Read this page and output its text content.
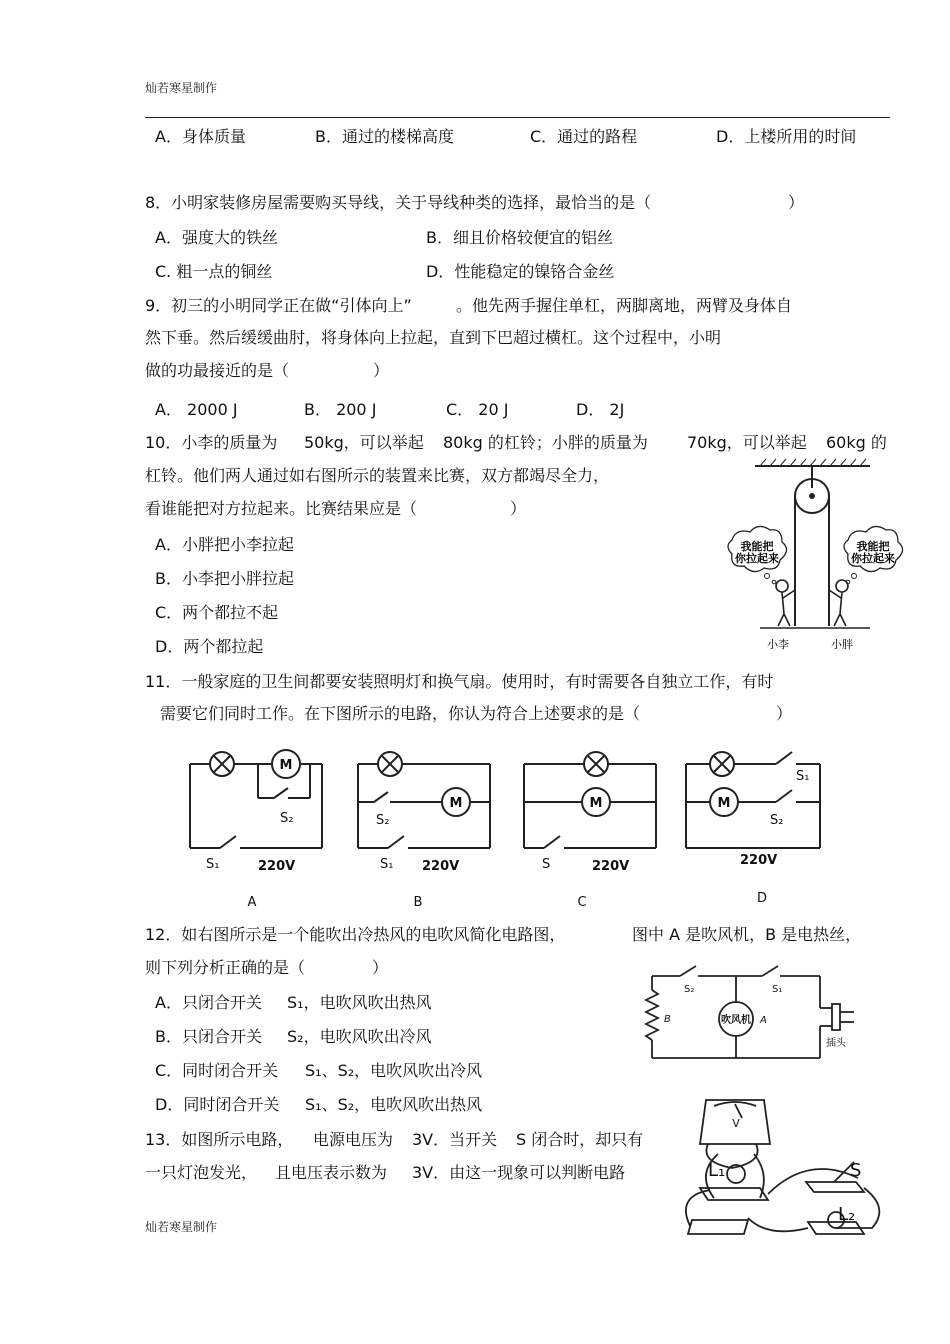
灿若寒星制作
A．身体质量	B．通过的楼梯高度	C．通过的路程	D．上楼所用的时间
8．小明家装修房屋需要购买导线，关于导线种类的选择，最恰当的是（	）
A．强度大的铁丝	B．细且价格较便宜的铝丝
C. 粗一点的铜丝	D．性能稳定的镍铬合金丝
9．初三的小明同学正在做“引体向上”	。他先两手握住单杠，两脚离地，两臂及身体自
然下垂。然后缓缓曲肘，将身体向上拉起，直到下巴超过横杠。这个过程中，小明
做的功最接近的是（	）
A． 2000 J	B． 200 J	C． 20 J	D． 2J
10．小李的质量为 50kg，可以举起 80kg 的杠铃；小胖的质量为 70kg，可以举起 60kg 的
杠铃。他们两人通过如右图所示的装置来比赛，双方都竭尽全力，
看谁能把对方拉起来。比赛结果应是（	）
A．小胖把小李拉起
B．小李把小胖拉起
C．两个都拉不起
D．两个都拉起
我能把
你拉起来
我能把
你拉起来
小李	小胖
11．一般家庭的卫生间都要安装照明灯和换气扇。使用时，有时需要各自独立工作，有时
需要它们同时工作。在下图所示的电路，你认为符合上述要求的是（	）
M
S₂
S₁	220V
A
M
S₂
S₁ 220V
B
M
S	220V
C
M
S₁
S₂
220V
D
12．如右图所示是一个能吹出冷热风的电吹风简化电路图，	图中 A 是吹风机，B 是电热丝，
则下列分析正确的是（	）
A．只闭合开关 S₁，电吹风吹出热风
B．只闭合开关 S₂，电吹风吹出冷风
C．同时闭合开关 S₁、S₂，电吹风吹出冷风
D．同时闭合开关 S₁、S₂，电吹风吹出热风
S₂	S₁
B	吹风机 A
插头
13．如图所示电路， 电源电压为 3V．当开关 S 闭合时，却只有
一只灯泡发光， 且电压表示数为 3V．由这一现象可以判断电路
V
L₁	S
L₂
灿若寒星制作
